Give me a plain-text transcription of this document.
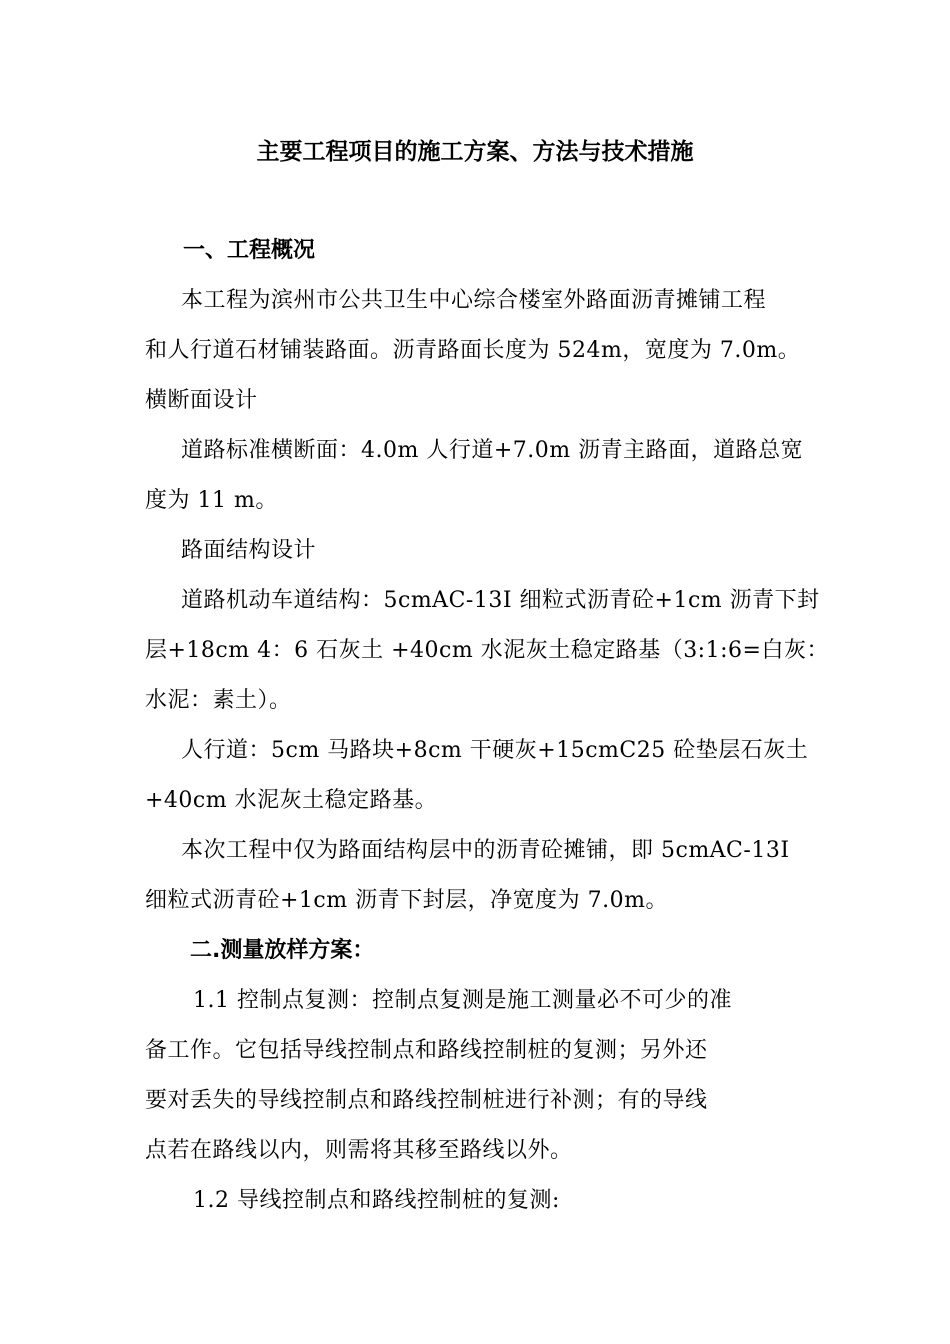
主要工程项目的施工方案、方法与技术措施
一、工程概况

本工程为滨州市公共卫生中心综合楼室外路面沥青摊铺工程

和人行道石材铺装路面。沥青路面长度为 524m，宽度为 7.0m。

横断面设计

道路标准横断面：4.0m 人行道+7.0m 沥青主路面，道路总宽

度为 11 m。

路面结构设计

道路机动车道结构：5cmAC-13I 细粒式沥青砼+1cm 沥青下封

层+18cm 4：6 石灰土 +40cm 水泥灰土稳定路基（3:1:6=白灰：

水泥：素土）。

人行道：5cm 马路块+8cm 干硬灰+15cmC25 砼垫层石灰土

+40cm 水泥灰土稳定路基。

本次工程中仅为路面结构层中的沥青砼摊铺，即 5cmAC-13I

细粒式沥青砼+1cm 沥青下封层，净宽度为 7.0m。

二.测量放样方案：

1.1 控制点复测：控制点复测是施工测量必不可少的准

备工作。它包括导线控制点和路线控制桩的复测；另外还

要对丢失的导线控制点和路线控制桩进行补测；有的导线

点若在路线以内，则需将其移至路线以外。

1.2 导线控制点和路线控制桩的复测:
